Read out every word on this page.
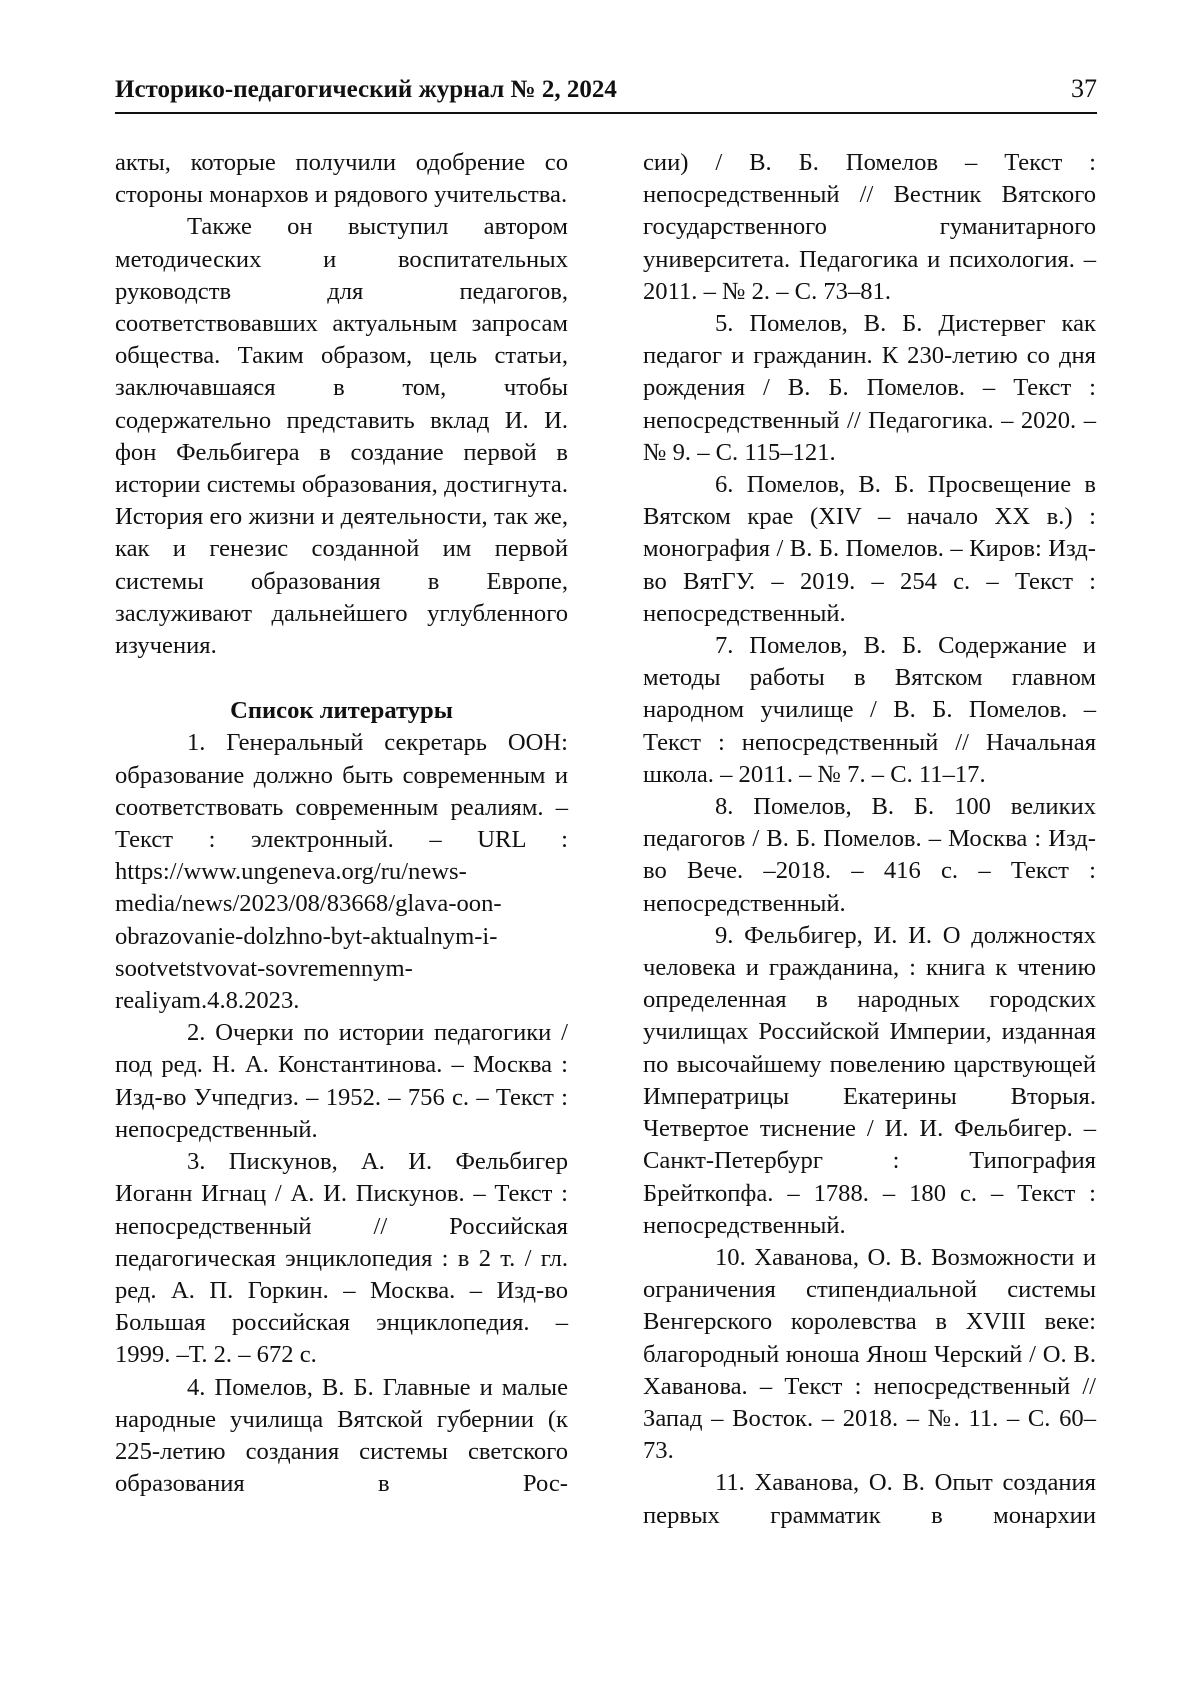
Историко-педагогический журнал № 2, 2024	37

акты, которые получили одобрение со стороны монархов и рядового учительства.

Также он выступил автором методических и воспитательных руководств для педагогов, соответствовавших актуальным запросам общества. Таким образом, цель статьи, заключавшаяся в том, чтобы содержательно представить вклад И. И. фон Фельбигера в создание первой в истории системы образования, достигнута. История его жизни и деятельности, так же, как и генезис созданной им первой системы образования в Европе, заслуживают дальнейшего углубленного изучения.

Список литературы

1. Генеральный секретарь ООН: образование должно быть современным и соответствовать современным реалиям. – Текст : электронный. – URL : https://www.ungeneva.org/ru/news-media/news/2023/08/83668/glava-oon-obrazovanie-dolzhno-byt-aktualnym-i-sootvetstvovat-sovremennym-realiyam.4.8.2023.

2. Очерки по истории педагогики / под ред. Н. А. Константинова. – Москва : Изд-во Учпедгиз. – 1952. – 756 с. – Текст : непосредственный.

3. Пискунов, А. И. Фельбигер Иоганн Игнац / А. И. Пискунов. – Текст : непосредственный // Российская педагогическая энциклопедия : в 2 т. / гл. ред. А. П. Горкин. – Москва. – Изд-во Большая российская энциклопедия. – 1999. –Т. 2. – 672 с.

4. Помелов, В. Б. Главные и малые народные училища Вятской губернии (к 225-летию создания системы светского образования в Рос-

сии) / В. Б. Помелов – Текст : непосредственный // Вестник Вятского государственного гуманитарного университета. Педагогика и психология. – 2011. – № 2. – С. 73–81.

5. Помелов, В. Б. Дистервег как педагог и гражданин. К 230-летию со дня рождения / В. Б. Помелов. – Текст : непосредственный // Педагогика. – 2020. – № 9. – С. 115–121.

6. Помелов, В. Б. Просвещение в Вятском крае (XIV – начало XX в.) : монография / В. Б. Помелов. – Киров: Изд-во ВятГУ. – 2019. – 254 с. – Текст : непосредственный.

7. Помелов, В. Б. Содержание и методы работы в Вятском главном народном училище / В. Б. Помелов. – Текст : непосредственный // Начальная школа. – 2011. – № 7. – С. 11–17.

8. Помелов, В. Б. 100 великих педагогов / В. Б. Помелов. – Москва : Изд-во Вече. –2018. – 416 с. – Текст : непосредственный.

9. Фельбигер, И. И. О должностях человека и гражданина, : книга к чтению определенная в народных городских училищах Российской Империи, изданная по высочайшему повелению царствующей Императрицы Екатерины Вторыя. Четвертое тиснение / И. И. Фельбигер. – Санкт-Петербург : Типография Брейткопфа. – 1788. – 180 с. – Текст : непосредственный.

10. Хаванова, О. В. Возможности и ограничения стипендиальной системы Венгерского королевства в XVIII веке: благородный юноша Янош Черский / О. В. Хаванова. – Текст : непосредственный // Запад – Восток. – 2018. – №. 11. – С. 60–73.

11. Хаванова, О. В. Опыт создания первых грамматик в монархии
